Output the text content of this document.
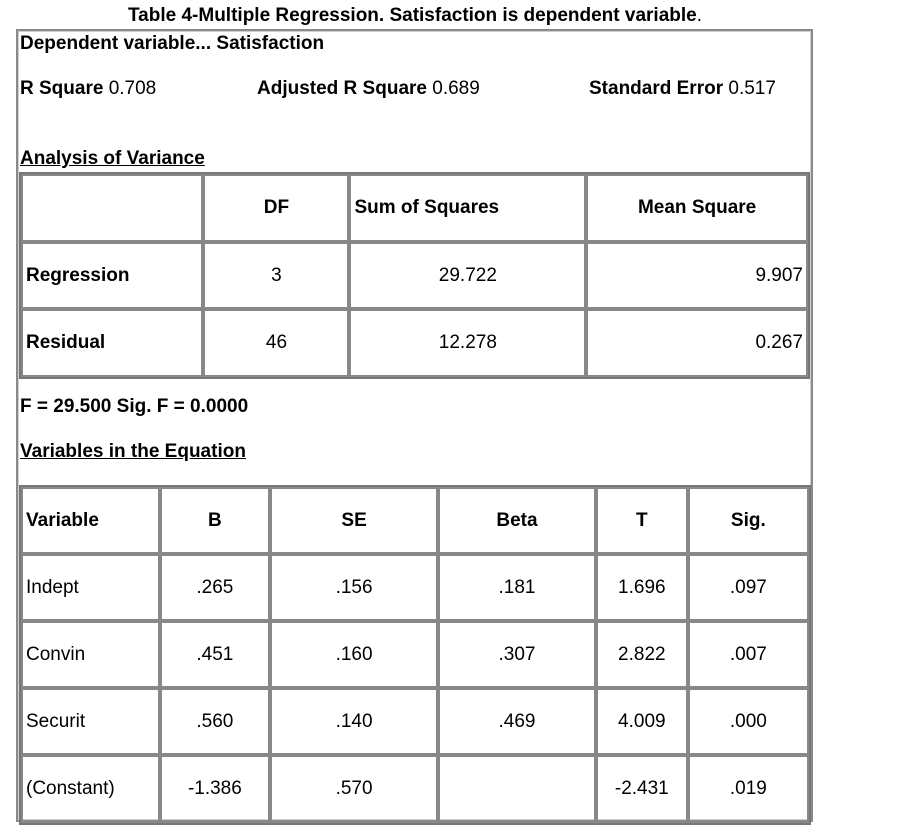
Table 4-Multiple Regression. Satisfaction is dependent variable.
Dependent variable... Satisfaction
R Square 0.708	Adjusted R Square 0.689	Standard Error 0.517
Analysis of Variance
	DF	Sum of Squares	Mean Square
Regression	3	29.722	9.907
Residual	46	12.278	0.267
F = 29.500 Sig. F = 0.0000
Variables in the Equation
Variable	B	SE	Beta	T	Sig.
Indept	.265	.156	.181	1.696	.097
Convin	.451	.160	.307	2.822	.007
Securit	.560	.140	.469	4.009	.000
(Constant)	-1.386	.570		-2.431	.019
